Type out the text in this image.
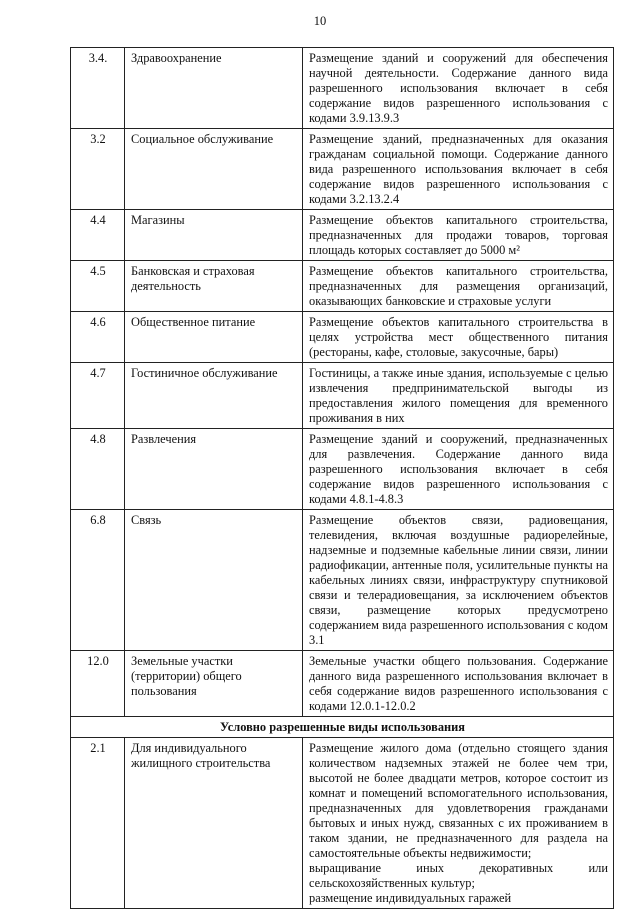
10
3.4.	Здравоохранение	Размещение зданий и сооружений для обеспечения научной деятельности. Содержание данного вида разрешенного использования включает в себя содержание видов разрешенного использования с кодами 3.9.13.9.3
3.2	Социальное обслуживание	Размещение зданий, предназначенных для оказания гражданам социальной помощи. Содержание данного вида разрешенного использования включает в себя содержание видов разрешенного использования с кодами 3.2.13.2.4
4.4	Магазины	Размещение объектов капитального строительства, предназначенных для продажи товаров, торговая площадь которых составляет до 5000 м²
4.5	Банковская и страховая деятельность	Размещение объектов капитального строительства, предназначенных для размещения организаций, оказывающих банковские и страховые услуги
4.6	Общественное питание	Размещение объектов капитального строительства в целях устройства мест общественного питания (рестораны, кафе, столовые, закусочные, бары)
4.7	Гостиничное обслуживание	Гостиницы, а также иные здания, используемые с целью извлечения предпринимательской выгоды из предоставления жилого помещения для временного проживания в них
4.8	Развлечения	Размещение зданий и сооружений, предназначенных для развлечения. Содержание данного вида разрешенного использования включает в себя содержание видов разрешенного использования с кодами 4.8.1-4.8.3
6.8	Связь	Размещение объектов связи, радиовещания, телевидения, включая воздушные радиорелейные, надземные и подземные кабельные линии связи, линии радиофикации, антенные поля, усилительные пункты на кабельных линиях связи, инфраструктуру спутниковой связи и телерадиовещания, за исключением объектов связи, размещение которых предусмотрено содержанием вида разрешенного использования с кодом 3.1
12.0	Земельные участки (территории) общего пользования	Земельные участки общего пользования. Содержание данного вида разрешенного использования включает в себя содержание видов разрешенного использования с кодами 12.0.1-12.0.2
Условно разрешенные виды использования		
2.1	Для индивидуального жилищного строительства	Размещение жилого дома (отдельно стоящего здания количеством надземных этажей не более чем три, высотой не более двадцати метров, которое состоит из комнат и помещений вспомогательного использования, предназначенных для удовлетворения гражданами бытовых и иных нужд, связанных с их проживанием в таком здании, не предназначенного для раздела на самостоятельные объекты недвижимости;
выращивание иных декоративных или сельскохозяйственных культур;
размещение индивидуальных гаражей
